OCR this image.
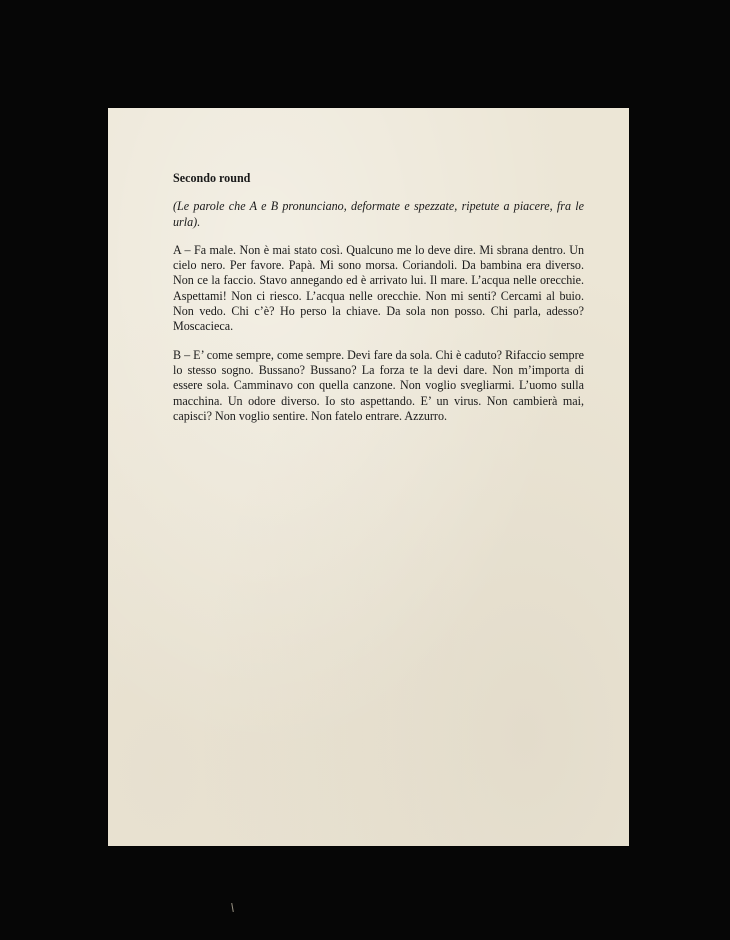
Secondo round

(Le parole che A e B pronunciano, deformate e spezzate, ripetute a piacere, fra le urla).

A – Fa male. Non è mai stato così. Qualcuno me lo deve dire. Mi sbrana dentro. Un cielo nero. Per favore. Papà. Mi sono morsa. Coriandoli. Da bambina era diverso. Non ce la faccio. Stavo annegando ed è arrivato lui. Il mare. L’acqua nelle orecchie. Aspettami! Non ci riesco. L’acqua nelle orecchie. Non mi senti? Cercami al buio. Non vedo. Chi c’è? Ho perso la chiave. Da sola non posso. Chi parla, adesso? Moscacieca.

B – E’ come sempre, come sempre. Devi fare da sola. Chi è caduto? Rifaccio sempre lo stesso sogno. Bussano? Bussano? La forza te la devi dare. Non m’importa di essere sola. Camminavo con quella canzone. Non voglio svegliarmi. L’uomo sulla macchina. Un odore diverso. Io sto aspettando. E’ un virus. Non cambierà mai, capisci? Non voglio sentire. Non fatelo entrare. Azzurro.
